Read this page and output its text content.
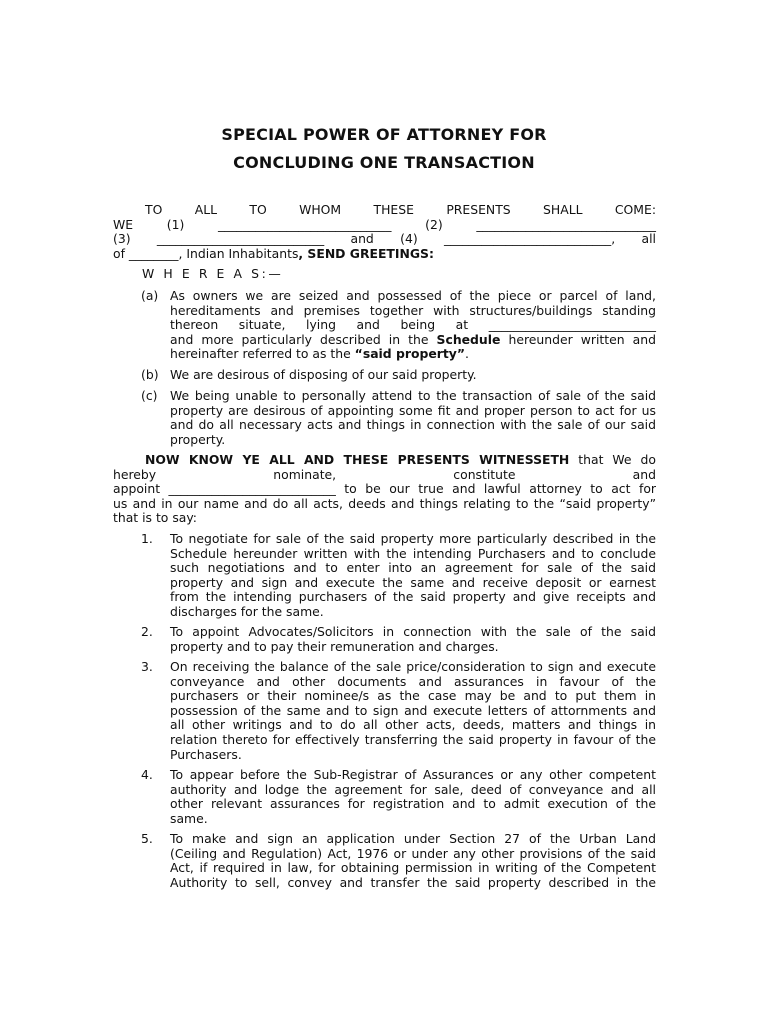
SPECIAL POWER OF ATTORNEY FOR
CONCLUDING ONE TRANSACTION
TO ALL TO WHOM THESE PRESENTS SHALL COME:
WE (1) ____________________________ (2) _____________________________
(3) ___________________________ and (4) ___________________________, all
of ________, Indian Inhabitants, SEND GREETINGS:
W H E R E A S:—
(a) As owners we are seized and possessed of the piece or parcel of land,
hereditaments and premises together with structures/buildings standing
thereon situate, lying and being at ___________________________
and more particularly described in the Schedule hereunder written and
hereinafter referred to as the “said property”.
(b) We are desirous of disposing of our said property.
(c)	We being unable to personally attend to the transaction of sale of the said
property are desirous of appointing some fit and proper person to act for us
and do all necessary acts and things in connection with the sale of our said
property.
NOW KNOW YE ALL AND THESE PRESENTS WITNESSETH that We do
hereby nominate, constitute and
appoint ___________________________ to be our true and lawful attorney to act for
us and in our name and do all acts, deeds and things relating to the “said property”
that is to say:
1.	To negotiate for sale of the said property more particularly described in the
Schedule hereunder written with the intending Purchasers and to conclude
such negotiations and to enter into an agreement for sale of the said
property and sign and execute the same and receive deposit or earnest
from the intending purchasers of the said property and give receipts and
discharges for the same.
2.	To appoint Advocates/Solicitors in connection with the sale of the said
property and to pay their remuneration and charges.
3.	On receiving the balance of the sale price/consideration to sign and execute
conveyance and other documents and assurances in favour of the
purchasers or their nominee/s as the case may be and to put them in
possession of the same and to sign and execute letters of attornments and
all other writings and to do all other acts, deeds, matters and things in
relation thereto for effectively transferring the said property in favour of the
Purchasers.
4.	To appear before the Sub-Registrar of Assurances or any other competent
authority and lodge the agreement for sale, deed of conveyance and all
other relevant assurances for registration and to admit execution of the
same.
5.	To make and sign an application under Section 27 of the Urban Land
(Ceiling and Regulation) Act, 1976 or under any other provisions of the said
Act, if required in law, for obtaining permission in writing of the Competent
Authority to sell, convey and transfer the said property described in the
